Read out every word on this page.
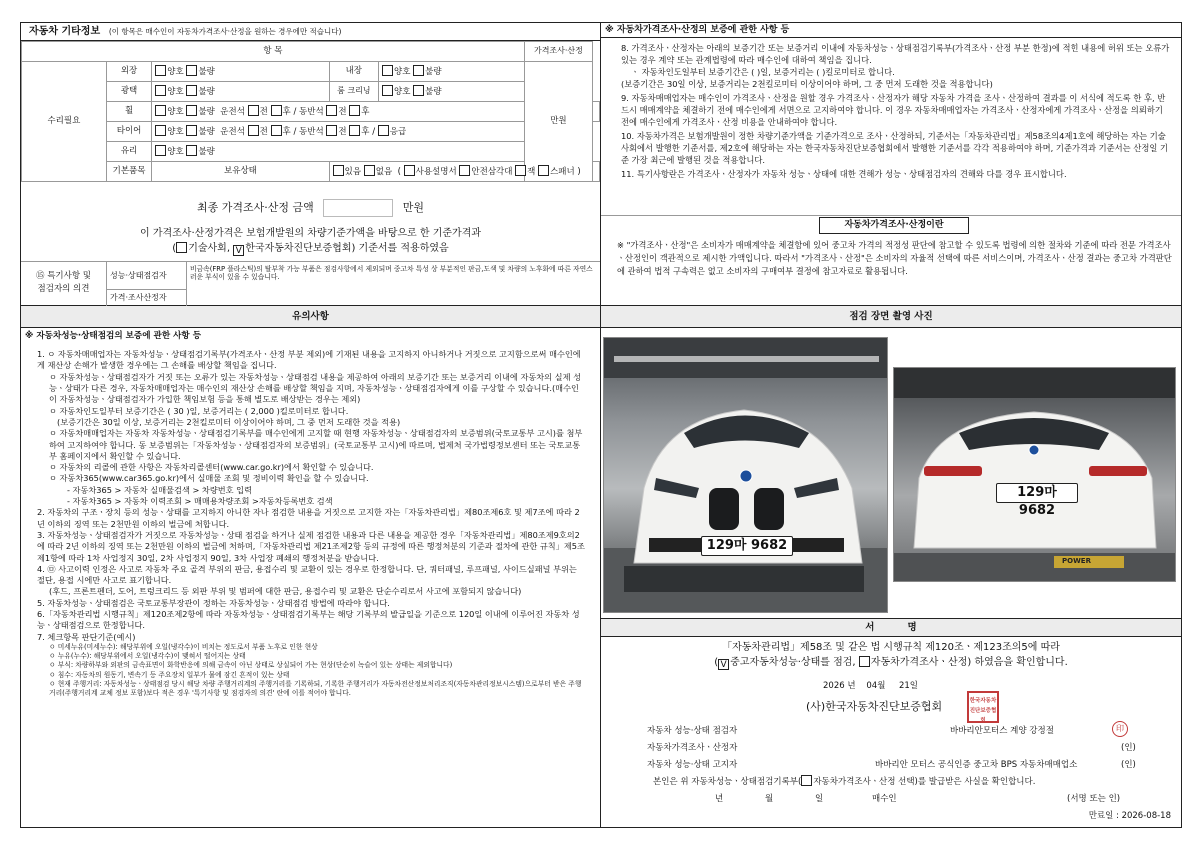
자동차 기타정보 (이 항목은 매수인이 자동차가격조사·산정을 원하는 경우에만 적습니다)
항 목					가격조사·산정	
수리필요	외장	양호 불량	내장	양호 불량	만원	
	광택	양호 불량	룸 크리닝	양호 불량		
	휠	양호 불량 운전석 전 후 / 동반석 전 후				
	타이어	양호 불량 운전석 전 후 / 동반석 전 후 / 응급				
	유리	양호 불량				
	기본품목	보유상태	있음 없음 ( 사용설명서 안전삼각대 잭 스패너 )			
최종 가격조사·산정 금액	만원

이 가격조사·산정가격은 보험개발원의 차량기준가액을 바탕으로 한 기준가격과

( 기술사회, V 한국자동차진단보증협회) 기준서를 적용하였음

⑮ 특기사항 및

점검자의 의견

성능·상태점검자
비금속(FRP 플라스틱)의 탈부착 가능 부품은 점검사항에서 제외되며 중고차 특성 상 부분적인 판금,도색 및 차량의 노후화에 따른 자연스러운 부식이 있을 수 있습니다.
가격·조사산정자
※ 자동차가격조사·산정의 보증에 관한 사항 등

8. 가격조사ㆍ산정자는 아래의 보증기간 또는 보증거리 이내에 자동차성능ㆍ상태점검기록부(가격조사ㆍ산정 부분 한정)에 적힌 내용에 허위 또는 오류가 있는 경우 계약 또는 관계법령에 따라 매수인에 대하여 책임을 집니다.

ㆍ 자동차인도일부터 보증기간은 ( )일, 보증거리는 ( )킬로미터로 합니다.

(보증기간은 30일 이상, 보증거리는 2천킬로미터 이상이어야 하며, 그 중 먼저 도래한 것을 적용합니다)

9. 자동차매매업자는 매수인이 가격조사ㆍ산정을 원할 경우 가격조사ㆍ산정자가 해당 자동차 가격을 조사ㆍ산정하여 결과를 이 서식에 적도록 한 후, 반드시 매매계약을 체결하기 전에 매수인에게 서면으로 고지하여야 합니다. 이 경우 자동차매매업자는 가격조사ㆍ산정자에게 가격조사ㆍ산정을 의뢰하기 전에 매수인에게 가격조사ㆍ산정 비용을 안내하여야 합니다.

10. 자동차가격은 보험개발원이 정한 차량기준가액을 기준가격으로 조사ㆍ산정하되, 기준서는「자동차관리법」제58조의4제1호에 해당하는 자는 기술사회에서 발행한 기준서를, 제2호에 해당하는 자는 한국자동차진단보증협회에서 발행한 기준서를 각각 적용하여야 하며, 기준가격과 기준서는 산정일 기준 가장 최근에 발행된 것을 적용합니다.

11. 특기사항란은 가격조사ㆍ산정자가 자동차 성능ㆍ상태에 대한 견해가 성능ㆍ상태점검자의 견해와 다를 경우 표시합니다.

자동차가격조사·산정이란
※ "가격조사ㆍ산정"은 소비자가 매매계약을 체결함에 있어 중고차 가격의 적정성 판단에 참고할 수 있도록 법령에 의한 절차와 기준에 따라 전문 가격조사ㆍ산정인이 객관적으로 제시한 가액입니다. 따라서 "가격조사ㆍ산정"은 소비자의 자율적 선택에 따른 서비스이며, 가격조사ㆍ산정 결과는 중고차 가격판단에 관하여 법적 구속력은 없고 소비자의 구매여부 결정에 참고자료로 활용됩니다.
유의사항
※ 자동차성능·상태점검의 보증에 관한 사항 등

1. ㅇ 자동차매매업자는 자동차성능ㆍ상태점검기록부(가격조사ㆍ산정 부분 제외)에 기재된 내용을 고지하지 아니하거나 거짓으로 고지함으로써 매수인에게 재산상 손해가 발생한 경우에는 그 손해를 배상할 책임을 집니다.

ㅇ 자동차성능ㆍ상태점검자가 거짓 또는 오류가 있는 자동차성능ㆍ상태점검 내용을 제공하여 아래의 보증기간 또는 보증거리 이내에 자동차의 실제 성능ㆍ상태가 다른 경우, 자동차매매업자는 매수인의 재산상 손해를 배상할 책임을 지며, 자동차성능ㆍ상태점검자에게 이를 구상할 수 있습니다.(매수인이 자동차성능ㆍ상태점검자가 가입한 책임보험 등을 통해 별도로 배상받는 경우는 제외)

ㅇ 자동차인도일부터 보증기간은 ( 30 )일, 보증거리는 ( 2,000 )킬로미터로 합니다.

(보증기간은 30일 이상, 보증거리는 2천킬로미터 이상이어야 하며, 그 중 먼저 도래한 것을 적용)

ㅇ 자동차매매업자는 자동차 자동차성능ㆍ상태점검기록부를 매수인에게 고지할 때 현행 자동차성능ㆍ상태점검자의 보증범위(국토교통부 고시)를 첨부하여 고지하여야 합니다. 동 보증범위는「자동차성능ㆍ상태점검자의 보증범위」(국토교통부 고시)에 따르며, 법제처 국가법령정보센터 또는 국토교통부 홈페이지에서 확인할 수 있습니다.

ㅇ 자동차의 리콜에 관한 사항은 자동차리콜센터(www.car.go.kr)에서 확인할 수 있습니다.

ㅇ 자동차365(www.car365.go.kr)에서 실매물 조회 및 정비이력 확인을 할 수 있습니다.

- 자동차365 > 자동차 실매물검색 > 차량번호 입력

- 자동차365 > 자동차 이력조회 > 매매용차량조회 >자동차등록번호 검색

2. 자동차의 구조ㆍ장치 등의 성능ㆍ상태를 고지하지 아니한 자나 점검한 내용을 거짓으로 고지한 자는「자동차관리법」제80조제6호 및 제7조에 따라 2년 이하의 징역 또는 2천만원 이하의 벌금에 처합니다.

3. 자동차성능ㆍ상태점검자가 거짓으로 자동차성능ㆍ상태 점검을 하거나 실제 점검한 내용과 다른 내용을 제공한 경우「자동차관리법」제80조제9호의2에 따라 2년 이하의 징역 또는 2천만원 이하의 벌금에 처하며,「자동차관리법 제21조제2항 등의 규정에 따른 행정처분의 기준과 절차에 관한 규칙」제5조제1항에 따라 1차 사업정지 30일, 2차 사업정지 90일, 3차 사업장 폐쇄의 행정처분을 받습니다.

4. ㉤ 사고이력 인정은 사고로 자동차 주요 골격 부위의 판금, 용접수리 및 교환이 있는 경우로 한정합니다. 단, 쿼터패널, 루프패널, 사이드실패널 부위는 절단, 용접 시에만 사고로 표기합니다.

(후드, 프론트펜더, 도어, 트렁크리드 등 외판 부위 및 범퍼에 대한 판금, 용접수리 및 교환은 단순수리로서 사고에 포함되지 않습니다)

5. 자동차성능ㆍ상태점검은 국토교통부장관이 정하는 자동차성능ㆍ상태점검 방법에 따라야 합니다.

6.「자동차관리법 시행규칙」제120조제2항에 따라 자동차성능ㆍ상태점검기록부는 해당 기록부의 발급일을 기준으로 120일 이내에 이루어진 자동차 성능ㆍ상태점검으로 한정합니다.

7. 체크항목 판단기준(예시)

ㅇ 미세누유(미세누수): 해당부위에 오일(냉각수)이 비치는 정도로서 부품 노후로 인한 현상

ㅇ 누유(누수): 해당부위에서 오일(냉각수)이 맺혀서 떨어지는 상태

ㅇ 부식: 차량하부와 외판의 금속표면이 화학반응에 의해 금속이 아닌 상태로 상실되어 가는 현상(단순히 녹슬어 있는 상태는 제외합니다)

ㅇ 침수: 자동차의 원동기, 변속기 등 주요장치 일부가 물에 잠긴 흔적이 있는 상태

ㅇ 현재 주행거리: 자동차성능ㆍ상태점검 당시 해당 차량 주행거리계의 주행거리를 기록하되, 기록한 주행거리가 자동차전산정보처리조직(자동차관리정보시스템)으로부터 받은 주행거리(주행거리계 교체 정보 포함)보다 적은 경우 '특기사항 및 점검자의 의견' 란에 이를 적어야 합니다.

점검 장면 촬영 사진
129마 9682
129마 9682
POWER
서          명

「자동차관리법」제58조 및 같은 법 시행규칙 제120조ㆍ제123조의5에 따라

( V 중고자동차성능·상태를 점검, 자동차가격조사ㆍ산정) 하였음을 확인합니다.

2026 년 04월 21일
(사)한국자동차진단보증협회	한국자동차진단보증협회
자동차 성능·상태 점검자	바바리안모터스 계양 강정절	印
자동차가격조사ㆍ산정자	(인)
자동차 성능·상태 고지자	바바리안 모터스 공식인증 중고차 BPS 자동차매매업소	(인)
본인은 위 자동차성능ㆍ상태점검기록부( 자동차가격조사ㆍ산정 선택)를 발급받은 사실을 확인합니다.
년	월	일	매수인	(서명 또는 인)
만료일 : 2026-08-18
